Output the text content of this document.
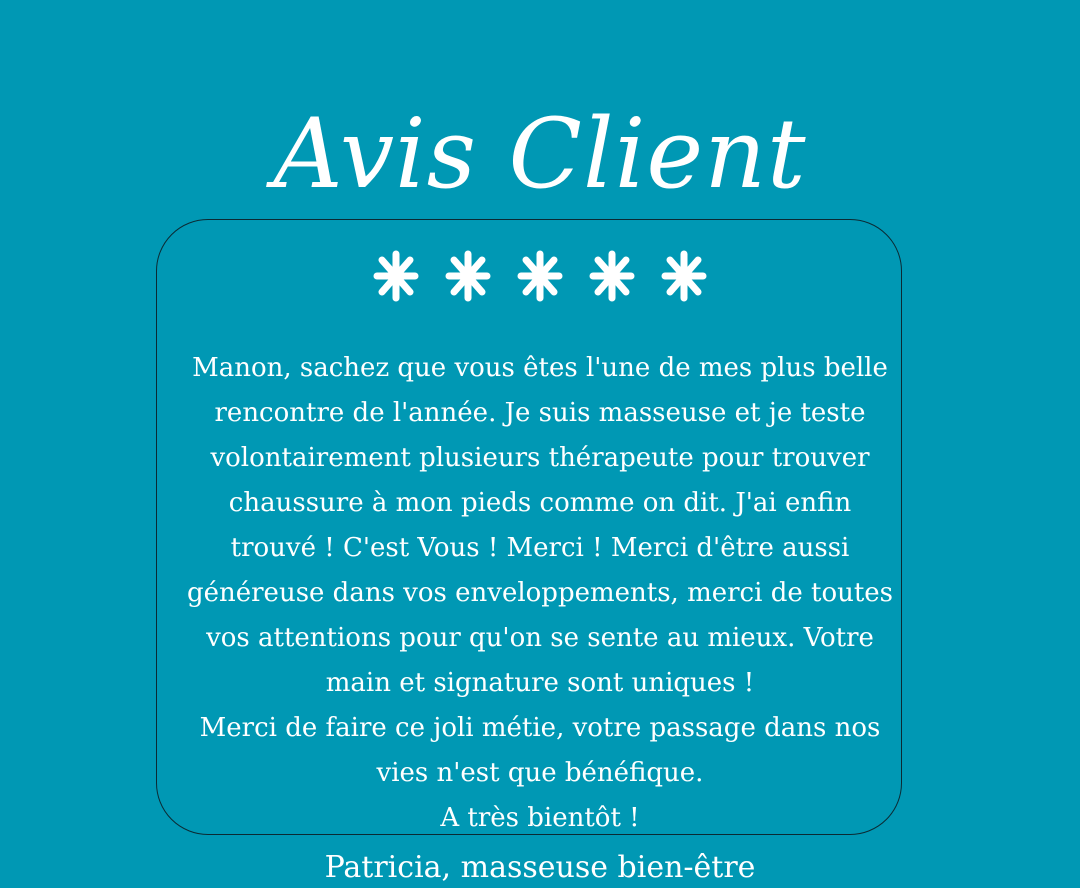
Avis Client

Manon, sachez que vous êtes l'une de mes plus belle rencontre de l'année. Je suis masseuse et je teste volontairement plusieurs thérapeute pour trouver chaussure à mon pieds comme on dit. J'ai enfin trouvé ! C'est Vous ! Merci ! Merci d'être aussi généreuse dans vos enveloppements, merci de toutes vos attentions pour qu'on se sente au mieux. Votre main et signature sont uniques !

Merci de faire ce joli métie, votre passage dans nos vies n'est que bénéfique.

A très bientôt !

Patricia, masseuse bien-être
